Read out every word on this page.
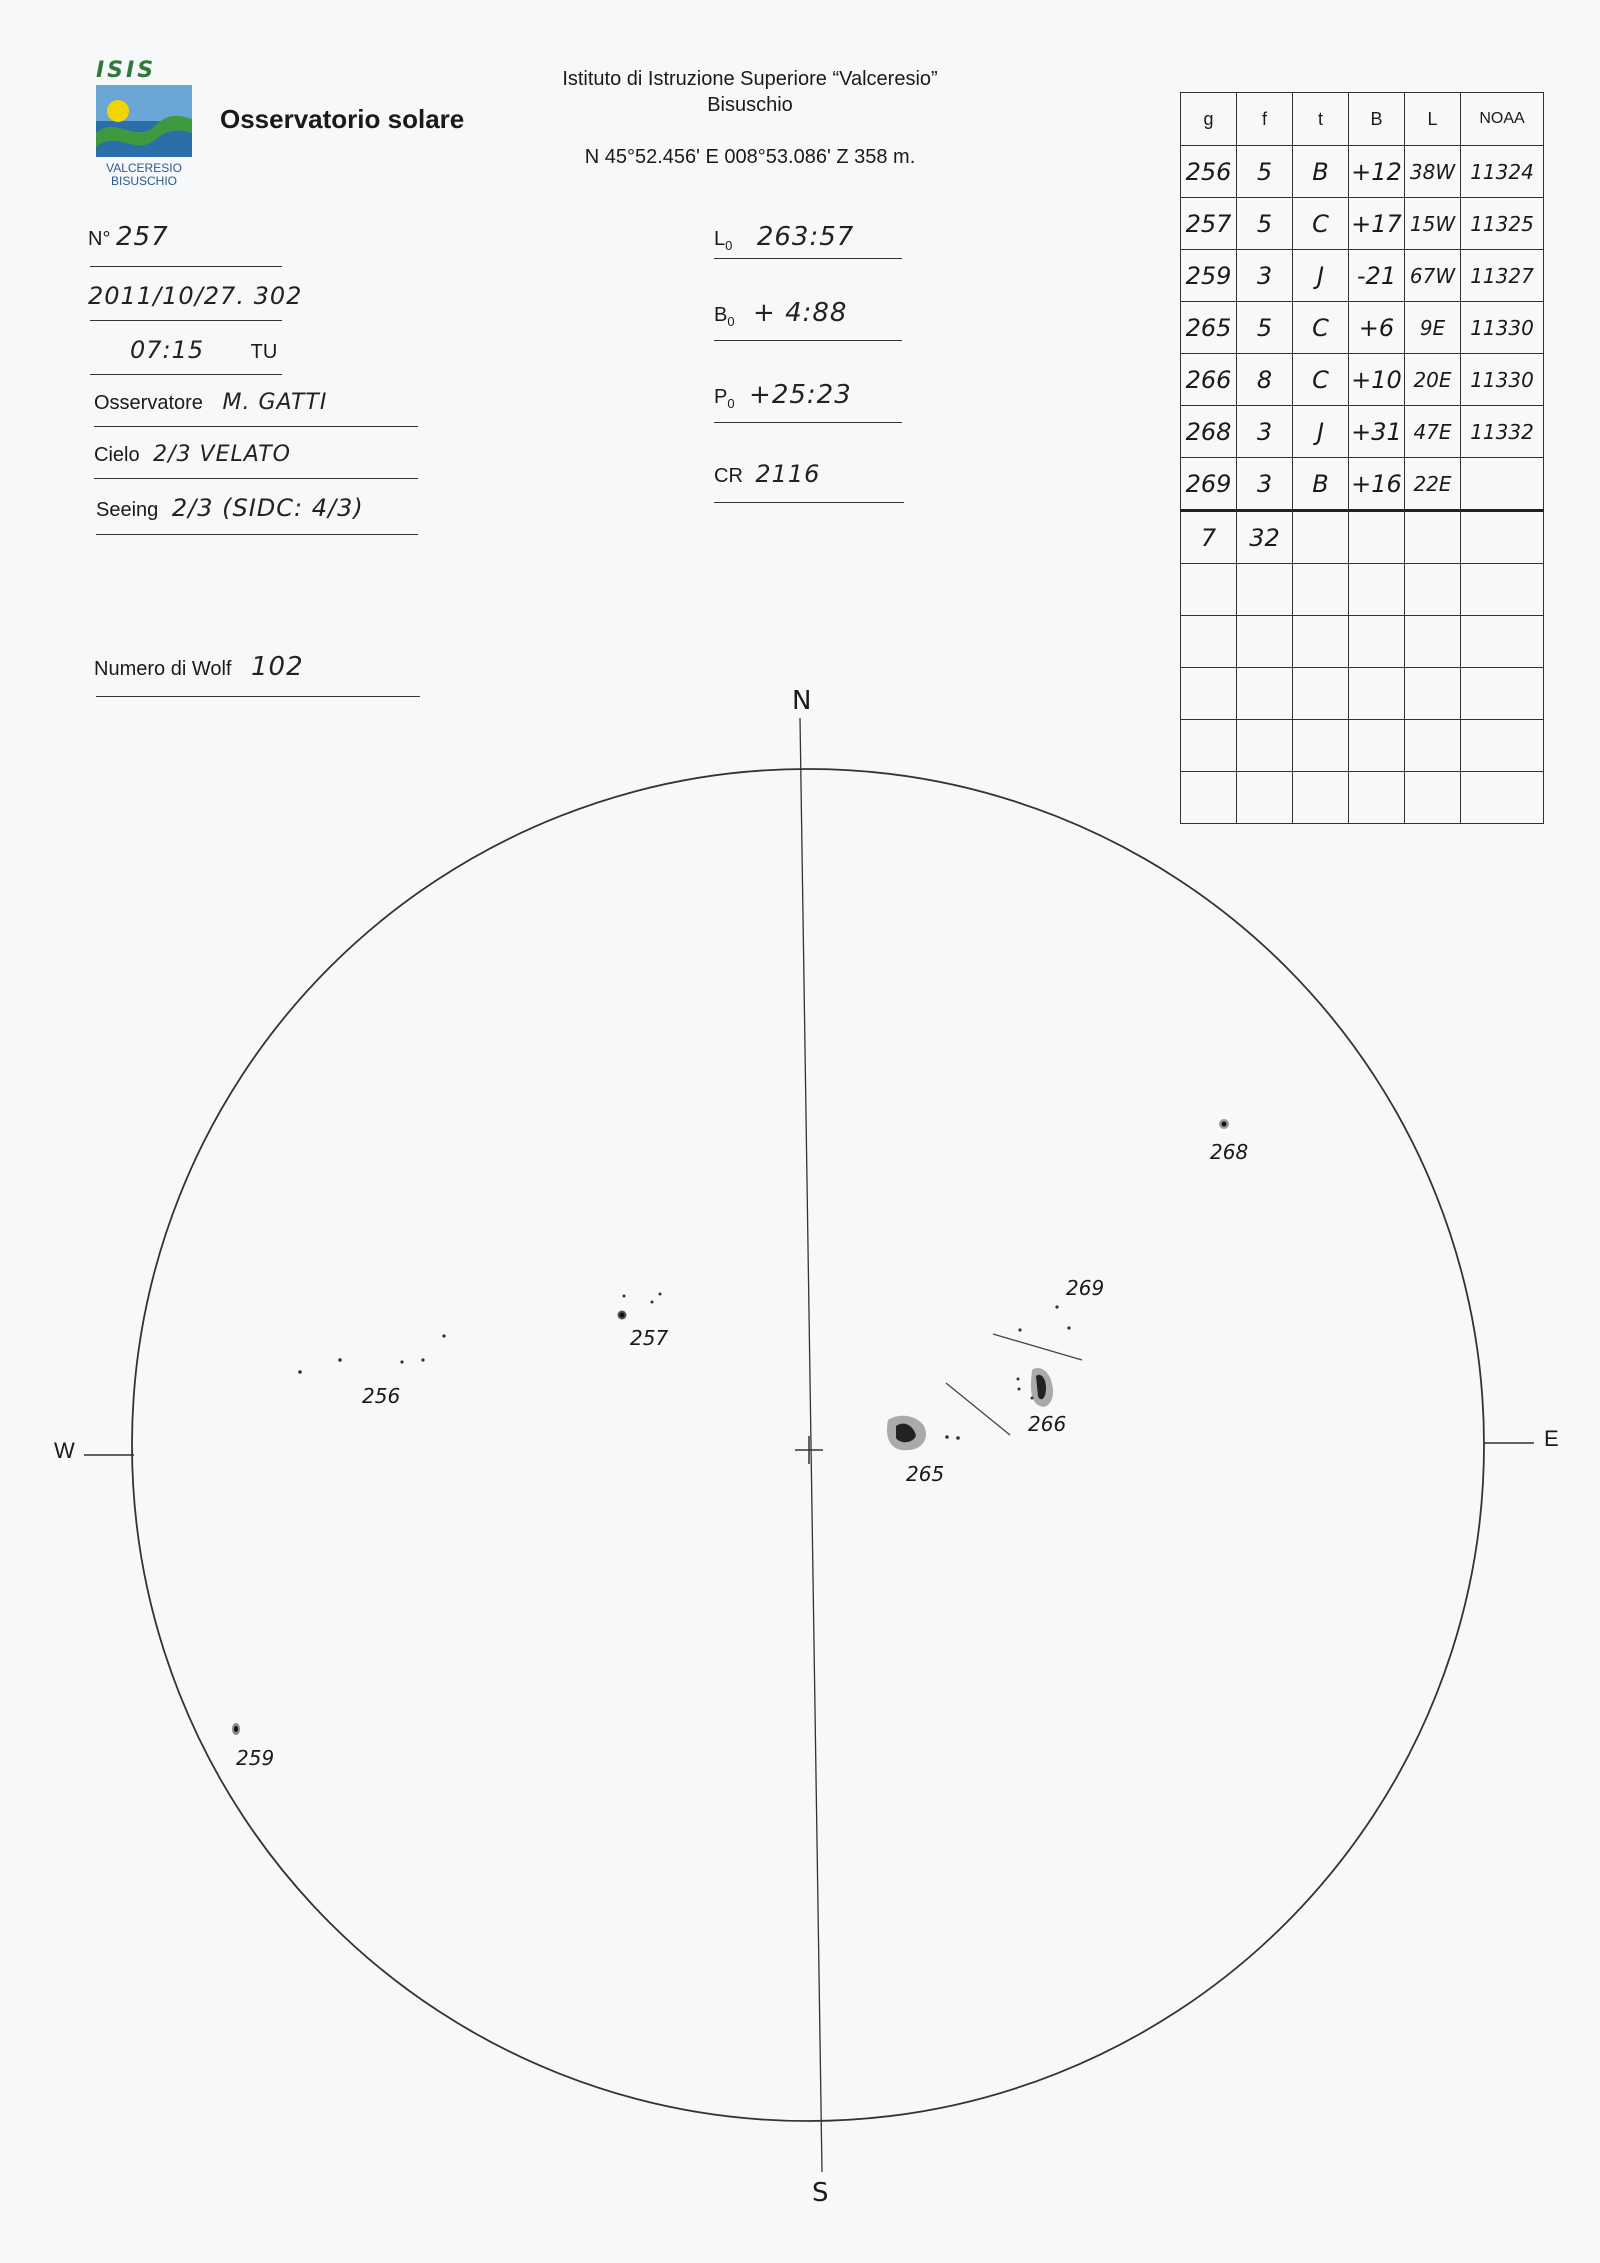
ISIS
VALCERESIO
BISUSCHIO
Osservatorio solare
Istituto di Istruzione Superiore “Valceresio”
Bisuschio
N 45°52.456' E 008°53.086' Z 358 m.
N° 257
2011/10/27. 302
07:15 TU
Osservatore M. GATTI
Cielo 2/3 VELATO
Seeing 2/3 (SIDC: 4/3)
Numero di Wolf 102
$L_0$ 263:57
$B_0$ + 4:88
$P_0$ +25:23
CR 2116
g	f	t	B	L	NOAA
256	5	B	+12	38W	11324
257	5	C	+17	15W	11325
259	3	J	-21	67W	11327
265	5	C	+6	9E	11330
266	8	C	+10	20E	11330
268	3	J	+31	47E	11332
269	3	B	+16	22E	
7	32				

N
S
E
W
256
257
259
265
266
268
269
